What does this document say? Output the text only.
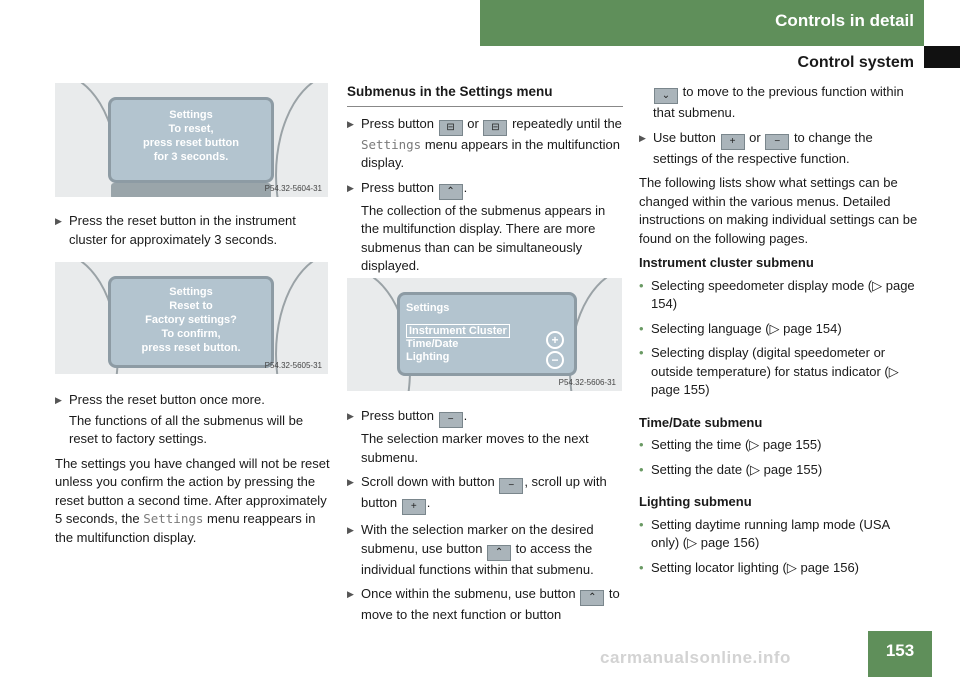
Controls in detail
Control system
Settings
To reset,
press reset button
for 3 seconds.
P54.32-5604-31
Settings
Reset to
Factory settings?
To confirm,
press reset button.
P54.32-5605-31
Settings
Instrument Cluster
Time/Date
Lighting
+
−
P54.32-5606-31
▶ Press the reset button in the instrument cluster for approximately 3 seconds.
▶ Press the reset button once more.
The functions of all the submenus will be reset to factory settings.

The settings you have changed will not be reset unless you confirm the action by pressing the reset button a second time. After approximately 5 seconds, the Settings menu reappears in the multifunction display.

Submenus in the Settings menu
▶ Press button ⊟ or ⊟ repeatedly until the Settings menu appears in the multifunction display.
▶ Press button ⌃ .
The collection of the submenus appears in the multifunction display. There are more submenus than can be simultaneously displayed.
▶ Press button − .
The selection marker moves to the next submenu.
▶ Scroll down with button − , scroll up with button + .
▶ With the selection marker on the desired submenu, use button ⌃ to access the individual functions within that submenu.
▶ Once within the submenu, use button ⌃ to move to the next function or button
⌄ to move to the previous function within that submenu.
▶ Use button + or − to change the settings of the respective function.

The following lists show what settings can be changed within the various menus. Detailed instructions on making individual settings can be found on the following pages.

Instrument cluster submenu
• Selecting speedometer display mode (▷ page 154)
• Selecting language (▷ page 154)
• Selecting display (digital speedometer or outside temperature) for status indicator (▷ page 155)
Time/Date submenu
• Setting the time (▷ page 155)
• Setting the date (▷ page 155)
Lighting submenu
• Setting daytime running lamp mode (USA only) (▷ page 156)
• Setting locator lighting (▷ page 156)
153
carmanualsonline.info
